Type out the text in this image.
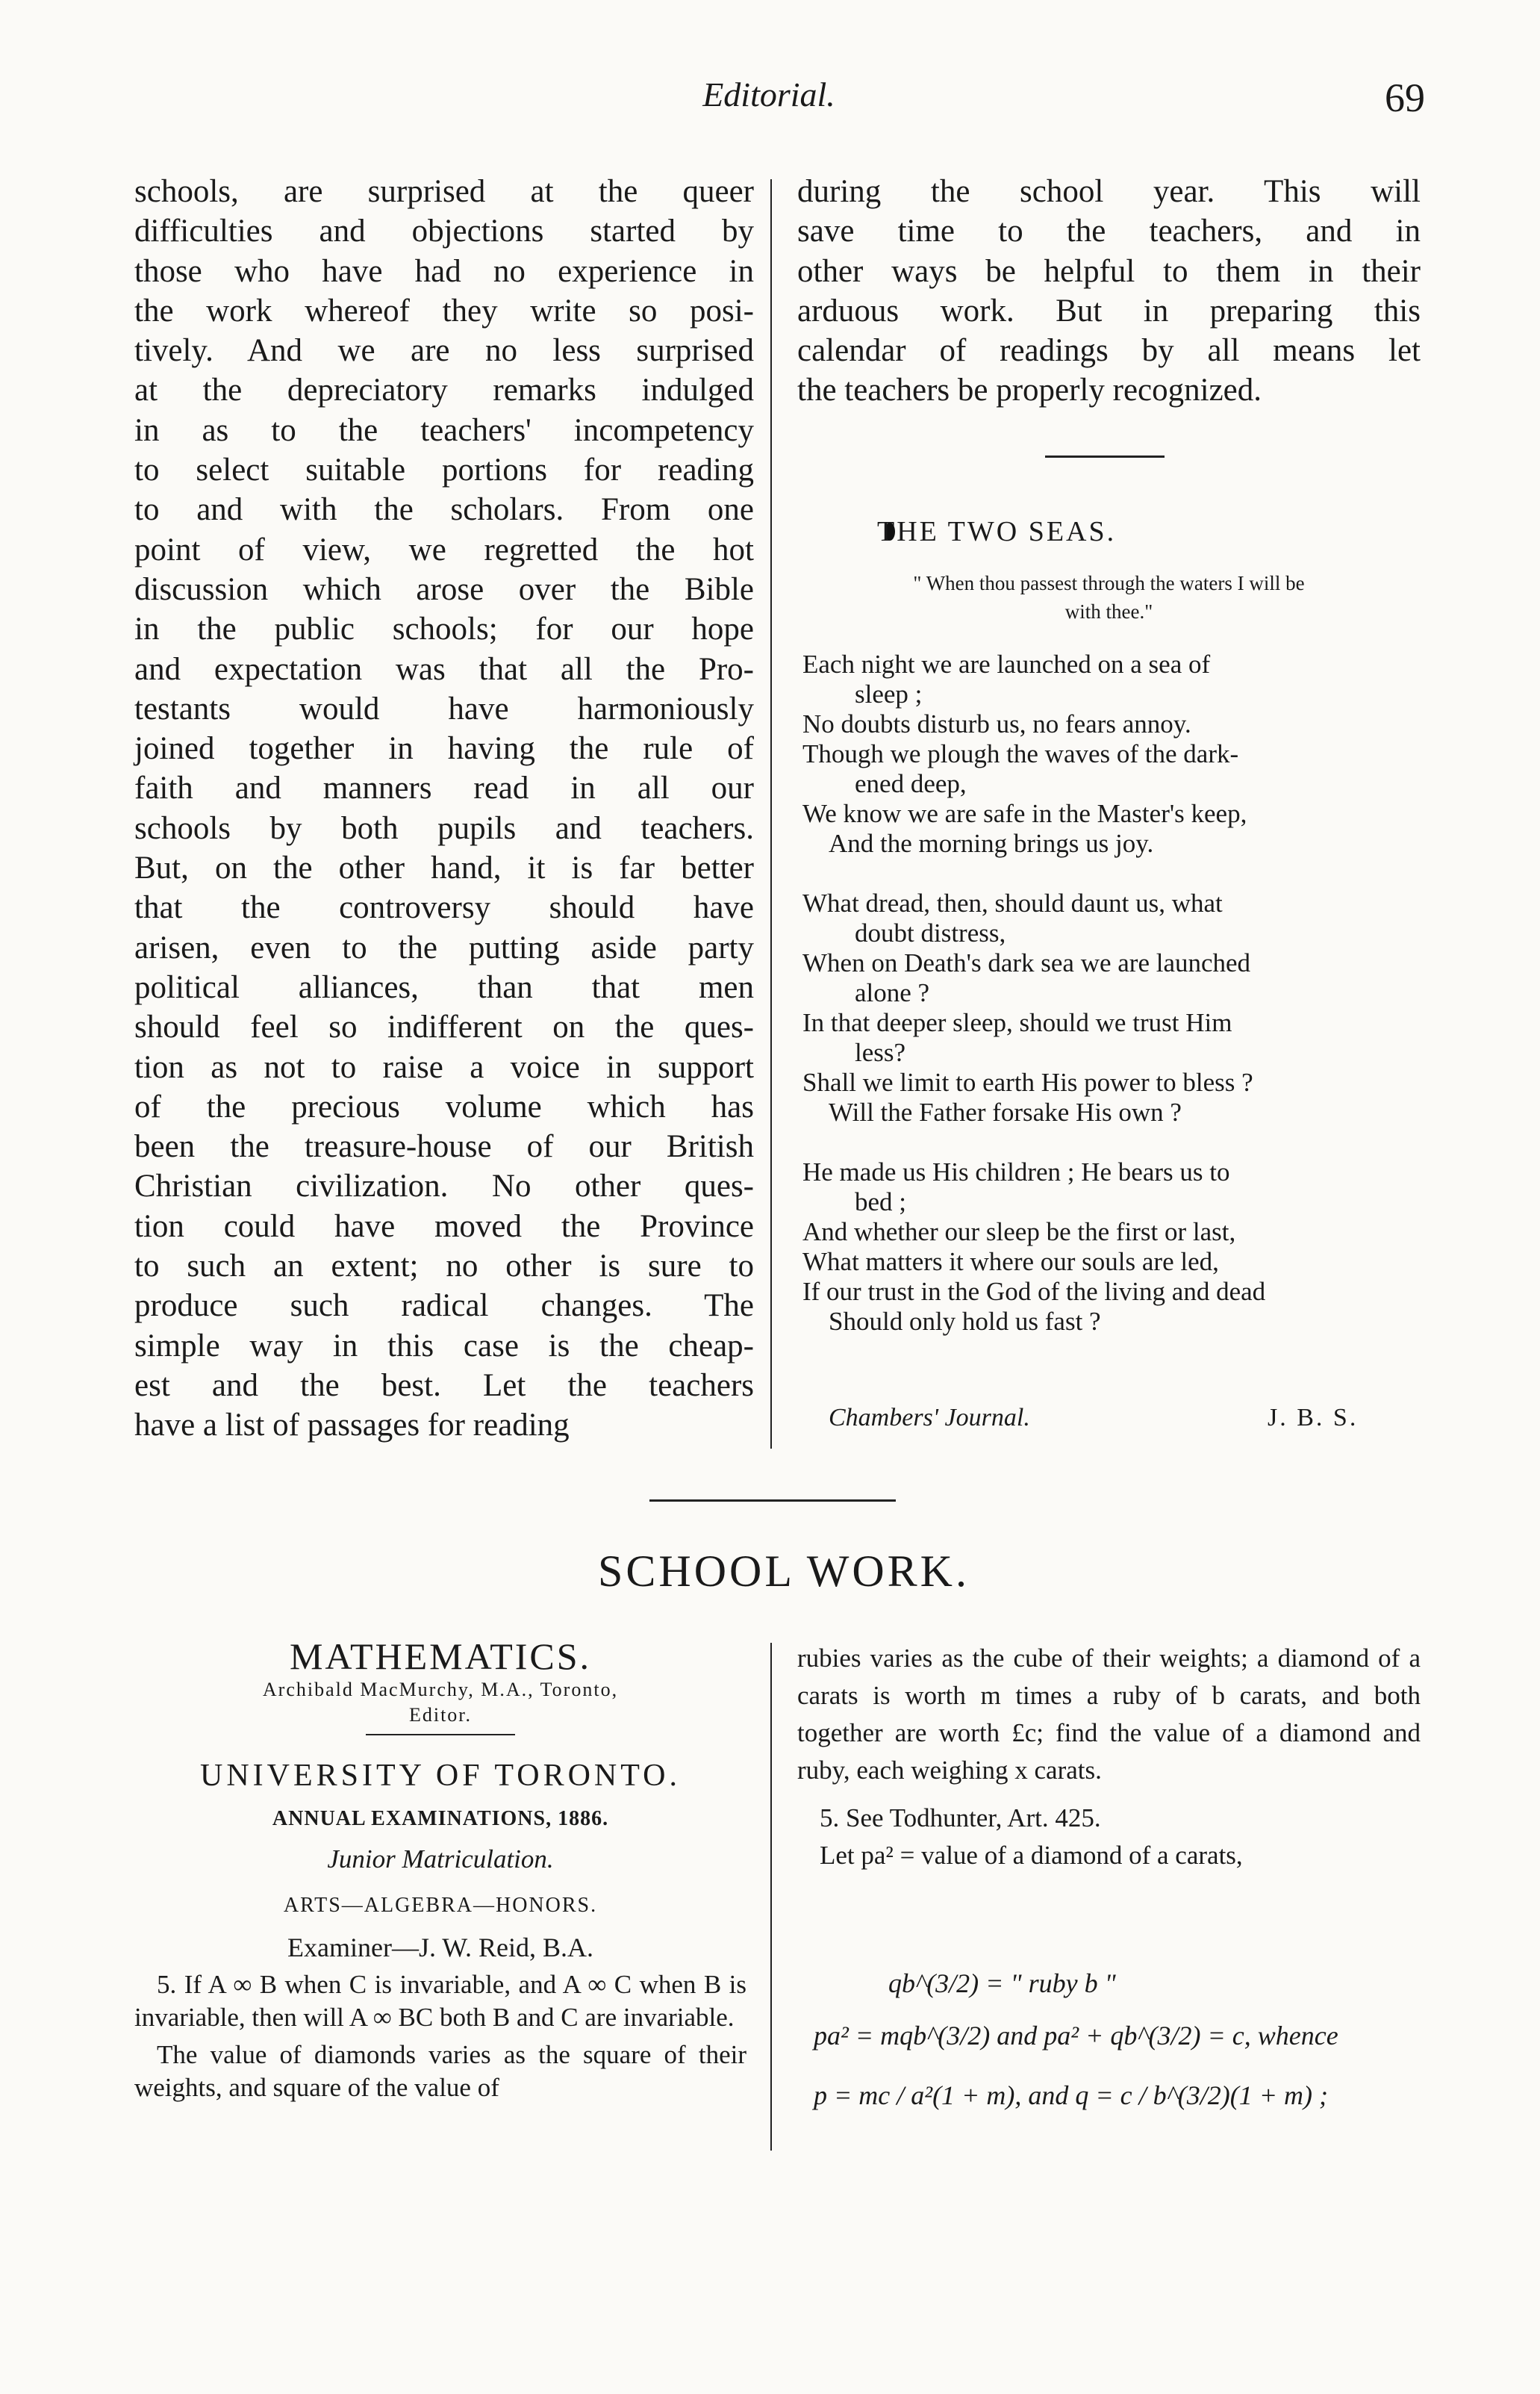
Editorial.	69
schools, are surprised at the queer
difficulties and objections started by
those who have had no experience in
the work whereof they write so posi-
tively. And we are no less surprised
at the depreciatory remarks indulged
in as to the teachers' incompetency
to select suitable portions for reading
to and with the scholars. From one
point of view, we regretted the hot
discussion which arose over the Bible
in the public schools; for our hope
and expectation was that all the Pro-
testants would have harmoniously
joined together in having the rule of
faith and manners read in all our
schools by both pupils and teachers.
But, on the other hand, it is far better
that the controversy should have
arisen, even to the putting aside party
political alliances, than that men
should feel so indifferent on the ques-
tion as not to raise a voice in support
of the precious volume which has
been the treasure-house of our British
Christian civilization. No other ques-
tion could have moved the Province
to such an extent; no other is sure to
produce such radical changes. The
simple way in this case is the cheap-
est and the best. Let the teachers
have a list of passages for reading
during the school year. This will
save time to the teachers, and in
other ways be helpful to them in their
arduous work. But in preparing this
calendar of readings by all means let
the teachers be properly recognized.
THE TWO SEAS.
" When thou passest through the waters I will be
with thee."
Each night we are launched on a sea of
sleep ;
No doubts disturb us, no fears annoy.
Though we plough the waves of the dark-
ened deep,
We know we are safe in the Master's keep,
And the morning brings us joy.
What dread, then, should daunt us, what
doubt distress,
When on Death's dark sea we are launched
alone ?
In that deeper sleep, should we trust Him
less?
Shall we limit to earth His power to bless ?
Will the Father forsake His own ?
He made us His children ; He bears us to
bed ;
And whether our sleep be the first or last,
What matters it where our souls are led,
If our trust in the God of the living and dead
Should only hold us fast ?
Chambers' Journal.	J. B. S.
SCHOOL WORK.
MATHEMATICS.
Archibald MacMurchy, M.A., Toronto,
Editor.
UNIVERSITY OF TORONTO.
ANNUAL EXAMINATIONS, 1886.
Junior Matriculation.
ARTS—ALGEBRA—HONORS.
Examiner—J. W. Reid, B.A.
5. If A ∞ B when C is invariable, and A ∞ C when B is invariable, then will A ∞ BC both B and C are invariable.
The value of diamonds varies as the square of their weights, and square of the value of
rubies varies as the cube of their weights; a diamond of a carats is worth m times a ruby of b carats, and both together are worth £c; find the value of a diamond and ruby, each weighing x carats.
5. See Todhunter, Art. 425.
Let pa² = value of a diamond of a carats,
qb^(3/2) = " ruby b "
pa² = mqb^(3/2) and pa² + qb^(3/2) = c, whence
p = mc / a²(1 + m), and q = c / b^(3/2)(1 + m) ;
